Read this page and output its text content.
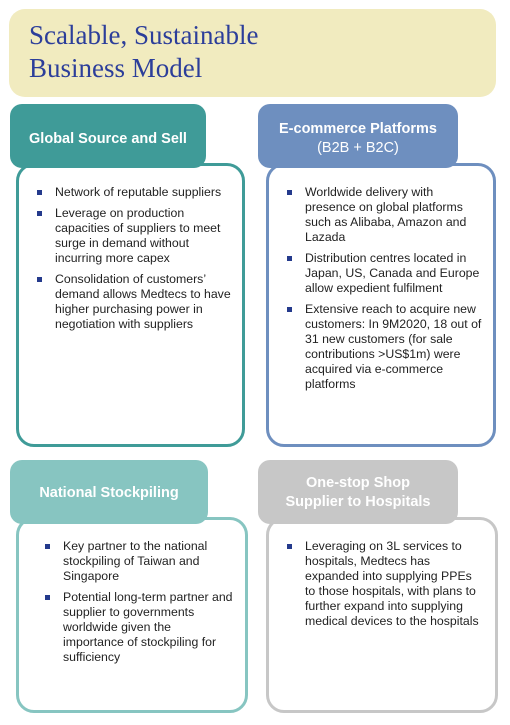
Scalable, Sustainable
Business Model
Network of reputable suppliers
Leverage on production capacities of suppliers to meet surge in demand without incurring more capex
Consolidation of customers’ demand allows Medtecs to have higher purchasing power in negotiation with suppliers
Global Source and Sell
Worldwide delivery with presence on global platforms such as Alibaba, Amazon and Lazada
Distribution centres located in Japan, US, Canada and Europe allow expedient fulfilment
Extensive reach to acquire new customers: In 9M2020, 18 out of 31 new customers (for sale contributions >US$1m) were acquired via e-commerce platforms
E-commerce Platforms
(B2B + B2C)
Key partner to the national stockpiling of Taiwan and Singapore
Potential long-term partner and supplier to governments worldwide given the importance of stockpiling for sufficiency
National Stockpiling
Leveraging on 3L services to hospitals, Medtecs has expanded into supplying PPEs to those hospitals, with plans to further expand into supplying medical devices to the hospitals
One-stop Shop
Supplier to Hospitals
